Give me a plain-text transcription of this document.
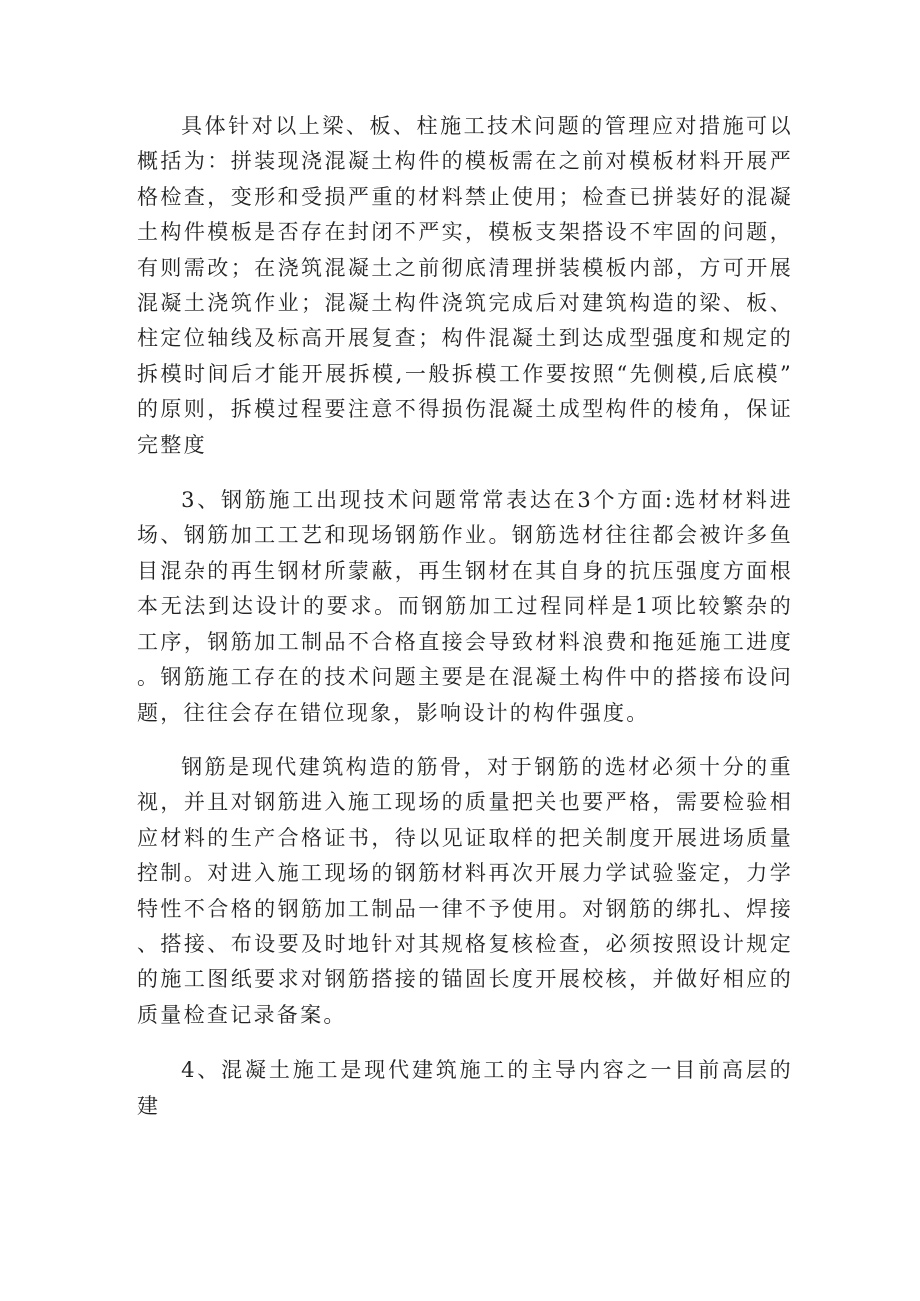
具体针对以上梁、板、柱施工技术问题的管理应对措施可以概括为：拼装现浇混凝土构件的模板需在之前对模板材料开展严格检查，变形和受损严重的材料禁止使用；检查已拼装好的混凝土构件模板是否存在封闭不严实，模板支架搭设不牢固的问题，有则需改；在浇筑混凝土之前彻底清理拼装模板内部，方可开展混凝土浇筑作业；混凝土构件浇筑完成后对建筑构造的梁、板、柱定位轴线及标高开展复查；构件混凝土到达成型强度和规定的拆模时间后才能开展拆模,一般拆模工作要按照“先侧模,后底模”的原则，拆模过程要注意不得损伤混凝土成型构件的棱角，保证完整度

3、钢筋施工出现技术问题常常表达在3个方面:选材材料进场、钢筋加工工艺和现场钢筋作业。钢筋选材往往都会被许多鱼目混杂的再生钢材所蒙蔽，再生钢材在其自身的抗压强度方面根本无法到达设计的要求。而钢筋加工过程同样是1项比较繁杂的工序，钢筋加工制品不合格直接会导致材料浪费和拖延施工进度。钢筋施工存在的技术问题主要是在混凝土构件中的搭接布设问题，往往会存在错位现象，影响设计的构件强度。

钢筋是现代建筑构造的筋骨，对于钢筋的选材必须十分的重视，并且对钢筋进入施工现场的质量把关也要严格，需要检验相应材料的生产合格证书，待以见证取样的把关制度开展进场质量控制。对进入施工现场的钢筋材料再次开展力学试验鉴定，力学特性不合格的钢筋加工制品一律不予使用。对钢筋的绑扎、焊接、搭接、布设要及时地针对其规格复核检查，必须按照设计规定的施工图纸要求对钢筋搭接的锚固长度开展校核，并做好相应的质量检查记录备案。

4、混凝土施工是现代建筑施工的主导内容之一目前高层的建
